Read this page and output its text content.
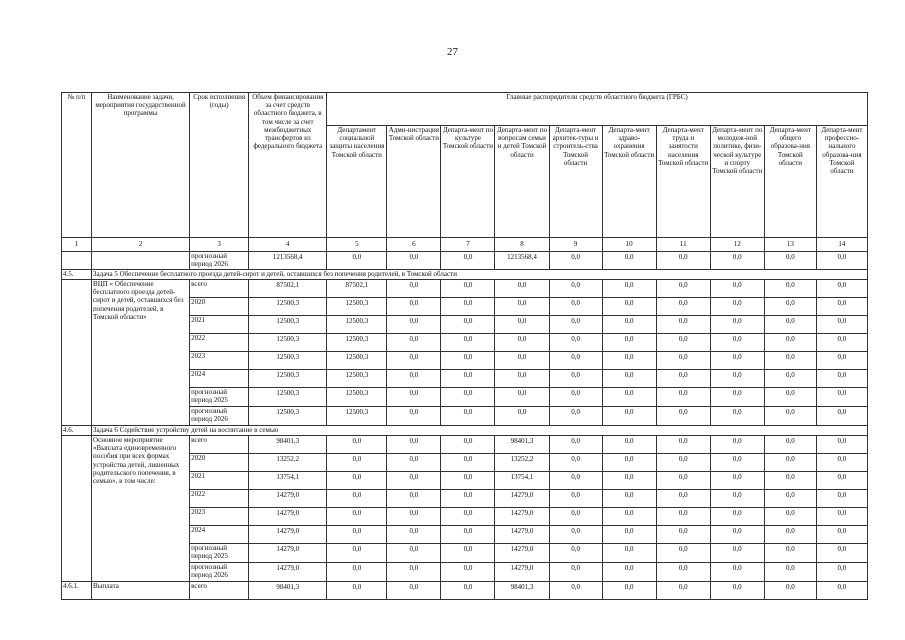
27
№ п/п	Наименование задачи, мероприятия государственной программы	Срок исполнения (годы)	Объем финансирования за счет средств областного бюджета, в том числе за счет межбюджетных трансфертов из федерального бюджета	Главные распорядители средств областного бюджета (ГРБС)									
				Департамент социальной защиты населения Томской области	Адми-нистрация Томской области	Департа-мент по культуре Томской области	Департа-мент по вопросам семьи и детей Томской области	Департа-мент архитек-туры и строитель-ства Томской области	Департа-мент здраво-охранения Томской области	Департа-мент труда и занятости населения Томской области	Департа-мент по молодеж-ной политике, физи-ческой культуре и спорту Томской области	Департа-мент общего образова-ния Томской области	Департа-мент профессио-нального образова-ния Томской области
1	2	3	4	5	6	7	8	9	10	11	12	13	14
		прогнозный период 2026	1213568,4	0,0	0,0	0,0	1213568,4	0,0	0,0	0,0	0,0	0,0	0,0
4.5.	Задача 5 Обеспечение бесплатного проезда детей-сирот и детей, оставшихся без попечения родителей, в Томской области												
	ВЦП « Обеспечение бесплатного проезда детей-сирот и детей, оставшихся без попечения родителей, в Томской области»	всего	87502,1	87502,1	0,0	0,0	0,0	0,0	0,0	0,0	0,0	0,0	0,0
		2020	12500,3	12500,3	0,0	0,0	0,0	0,0	0,0	0,0	0,0	0,0	0,0
		2021	12500,3	12500,3	0,0	0,0	0,0	0,0	0,0	0,0	0,0	0,0	0,0
		2022	12500,3	12500,3	0,0	0,0	0,0	0,0	0,0	0,0	0,0	0,0	0,0
		2023	12500,3	12500,3	0,0	0,0	0,0	0,0	0,0	0,0	0,0	0,0	0,0
		2024	12500,3	12500,3	0,0	0,0	0,0	0,0	0,0	0,0	0,0	0,0	0,0
		прогнозный период 2025	12500,3	12500,3	0,0	0,0	0,0	0,0	0,0	0,0	0,0	0,0	0,0
		прогнозный период 2026	12500,3	12500,3	0,0	0,0	0,0	0,0	0,0	0,0	0,0	0,0	0,0
4.6.	Задача 6 Содействие устройству детей на воспитание в семью												
	Основное мероприятие «Выплата единовременного пособия при всех формах устройства детей, лишенных родительского попечения, в семью», в том числе:	всего	98401,3	0,0	0,0	0,0	98401,3	0,0	0,0	0,0	0,0	0,0	0,0
		2020	13252,2	0,0	0,0	0,0	13252,2	0,0	0,0	0,0	0,0	0,0	0,0
		2021	13754,1	0,0	0,0	0,0	13754,1	0,0	0,0	0,0	0,0	0,0	0,0
		2022	14279,0	0,0	0,0	0,0	14279,0	0,0	0,0	0,0	0,0	0,0	0,0
		2023	14279,0	0,0	0,0	0,0	14279,0	0,0	0,0	0,0	0,0	0,0	0,0
		2024	14279,0	0,0	0,0	0,0	14279,0	0,0	0,0	0,0	0,0	0,0	0,0
		прогнозный период 2025	14279,0	0,0	0,0	0,0	14279,0	0,0	0,0	0,0	0,0	0,0	0,0
		прогнозный период 2026	14279,0	0,0	0,0	0,0	14279,0	0,0	0,0	0,0	0,0	0,0	0,0
4.6.1.	Выплата	всего	98401,3	0,0	0,0	0,0	98401,3	0,0	0,0	0,0	0,0	0,0	0,0
